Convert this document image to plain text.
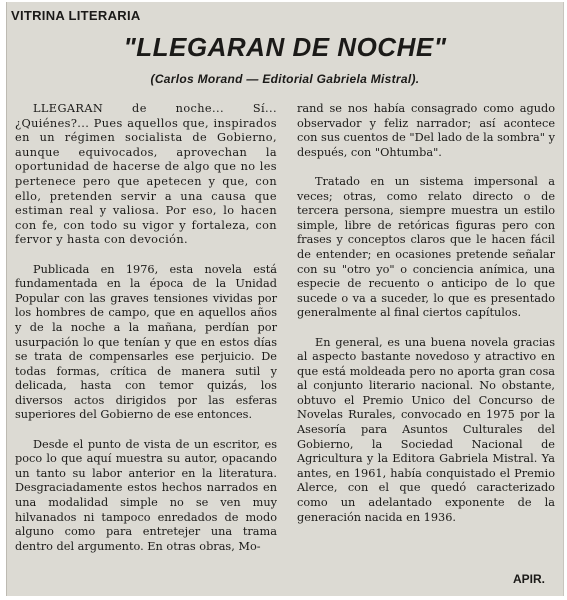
VITRINA LITERARIA
"LLEGARAN DE NOCHE"
(Carlos Morand — Editorial Gabriela Mistral).

LLEGARAN de noche... Sí... ¿Quiénes?... Pues aquellos que, inspirados en un régimen socialista de Gobierno, aunque equivocados, aprovechan la oportunidad de hacerse de algo que no les pertenece pero que apetecen y que, con ello, pretenden servir a una causa que estiman real y valiosa. Por eso, lo hacen con fe, con todo su vigor y fortaleza, con fervor y hasta con devoción.

Publicada en 1976, esta novela está fundamentada en la época de la Unidad Popular con las graves tensiones vividas por los hombres de campo, que en aquellos años y de la noche a la mañana, perdían por usurpación lo que tenían y que en estos días se trata de compensarles ese perjuicio. De todas formas, crítica de manera sutil y delicada, hasta con temor quizás, los diversos actos dirigidos por las esferas superiores del Gobierno de ese entonces.

Desde el punto de vista de un escritor, es poco lo que aquí muestra su autor, opacando un tanto su labor anterior en la literatura. Desgraciadamente estos hechos narrados en una modalidad simple no se ven muy hilvanados ni tampoco enredados de modo alguno como para entretejer una trama dentro del argumento. En otras obras, Mo-

rand se nos había consagrado como agudo observador y feliz narrador; así acontece con sus cuentos de "Del lado de la sombra" y después, con "Ohtumba".

Tratado en un sistema impersonal a veces; otras, como relato directo o de tercera persona, siempre muestra un estilo simple, libre de retóricas figuras pero con frases y conceptos claros que le hacen fácil de entender; en ocasiones pretende señalar con su "otro yo" o conciencia anímica, una especie de recuento o anticipo de lo que sucede o va a suceder, lo que es presentado generalmente al final ciertos capítulos.

En general, es una buena novela gracias al aspecto bastante novedoso y atractivo en que está moldeada pero no aporta gran cosa al conjunto literario nacional. No obstante, obtuvo el Premio Unico del Concurso de Novelas Rurales, convocado en 1975 por la Asesoría para Asuntos Culturales del Gobierno, la Sociedad Nacional de Agricultura y la Editora Gabriela Mistral. Ya antes, en 1961, había conquistado el Premio Alerce, con el que quedó caracterizado como un adelantado exponente de la generación nacida en 1936.

APIR.
